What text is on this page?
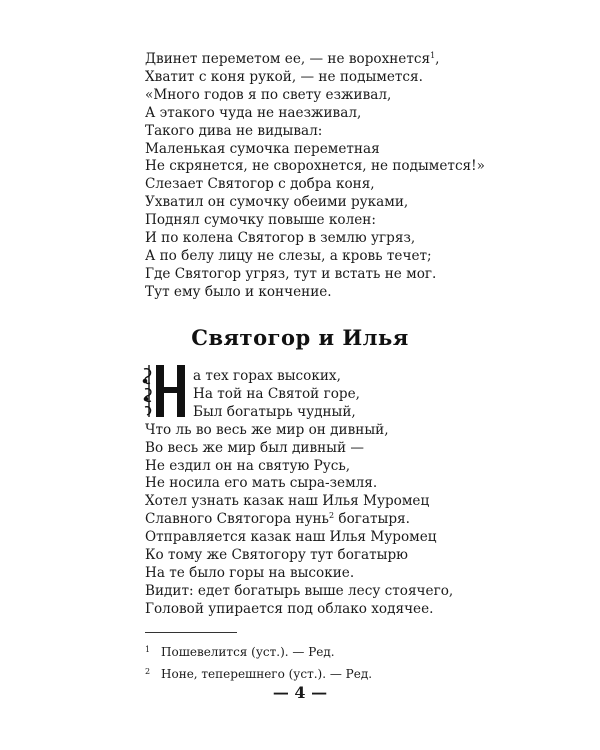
Двинет переметом ее, — не ворохнется$^1$,
Хватит с коня рукой, — не подымется.
«Много годов я по свету езживал,
А этакого чуда не наезживал,
Такого дива не видывал:
Маленькая сумочка переметная
Не скрянется, не сворохнется, не подымется!»
Слезает Святогор с добра коня,
Ухватил он сумочку обеими руками,
Поднял сумочку повыше колен:
И по колена Святогор в землю угряз,
А по белу лицу не слезы, а кровь течет;
Где Святогор угряз, тут и встать не мог.
Тут ему было и кончение.
Святогор и Илья
а тех горах высоких,
На той на Святой горе,
Был богатырь чудный,
Что ль во весь же мир он дивный,
Во весь же мир был дивный —
Не ездил он на святую Русь,
Не носила его мать сыра-земля.
Хотел узнать казак наш Илья Муромец
Славного Святогора нунь$^2$ богатыря.
Отправляется казак наш Илья Муромец
Ко тому же Святогору тут богатырю
На те было горы на высокие.
Видит: едет богатырь выше лесу стоячего,
Головой упирается под облако ходячее.
1 Пошевелится (уст.). — Ред.
2 Ноне, теперешнего (уст.). — Ред.
— 4 —
